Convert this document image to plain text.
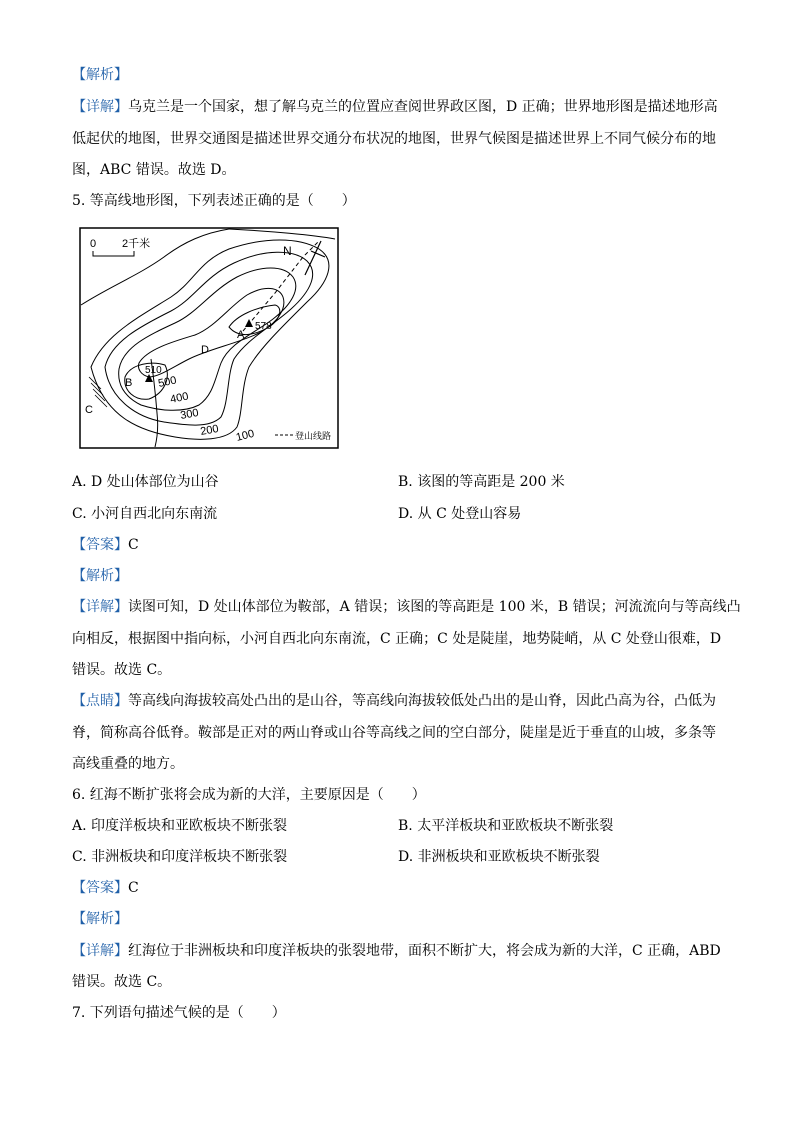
【解析】
【详解】乌克兰是一个国家，想了解乌克兰的位置应查阅世界政区图，D 正确；世界地形图是描述地形高
低起伏的地图，世界交通图是描述世界交通分布状况的地图，世界气候图是描述世界上不同气候分布的地
图，ABC 错误。故选 D。
5. 等高线地形图，下列表述正确的是（　　）
0 2千米	N
A
578
D
B
510
C
500
400
300
200 100	登山线路
A. D 处山体部位为山谷	B. 该图的等高距是 200 米
C. 小河自西北向东南流	D. 从 C 处登山容易
【答案】C
【解析】
【详解】读图可知，D 处山体部位为鞍部，A 错误；该图的等高距是 100 米，B 错误；河流流向与等高线凸
向相反，根据图中指向标，小河自西北向东南流，C 正确；C 处是陡崖，地势陡峭，从 C 处登山很难，D
错误。故选 C。
【点睛】等高线向海拔较高处凸出的是山谷，等高线向海拔较低处凸出的是山脊，因此凸高为谷，凸低为
脊，简称高谷低脊。鞍部是正对的两山脊或山谷等高线之间的空白部分，陡崖是近于垂直的山坡，多条等
高线重叠的地方。
6. 红海不断扩张将会成为新的大洋，主要原因是（　　）
A. 印度洋板块和亚欧板块不断张裂	B. 太平洋板块和亚欧板块不断张裂
C. 非洲板块和印度洋板块不断张裂	D. 非洲板块和亚欧板块不断张裂
【答案】C
【解析】
【详解】红海位于非洲板块和印度洋板块的张裂地带，面积不断扩大，将会成为新的大洋，C 正确，ABD
错误。故选 C。
7. 下列语句描述气候的是（　　）
